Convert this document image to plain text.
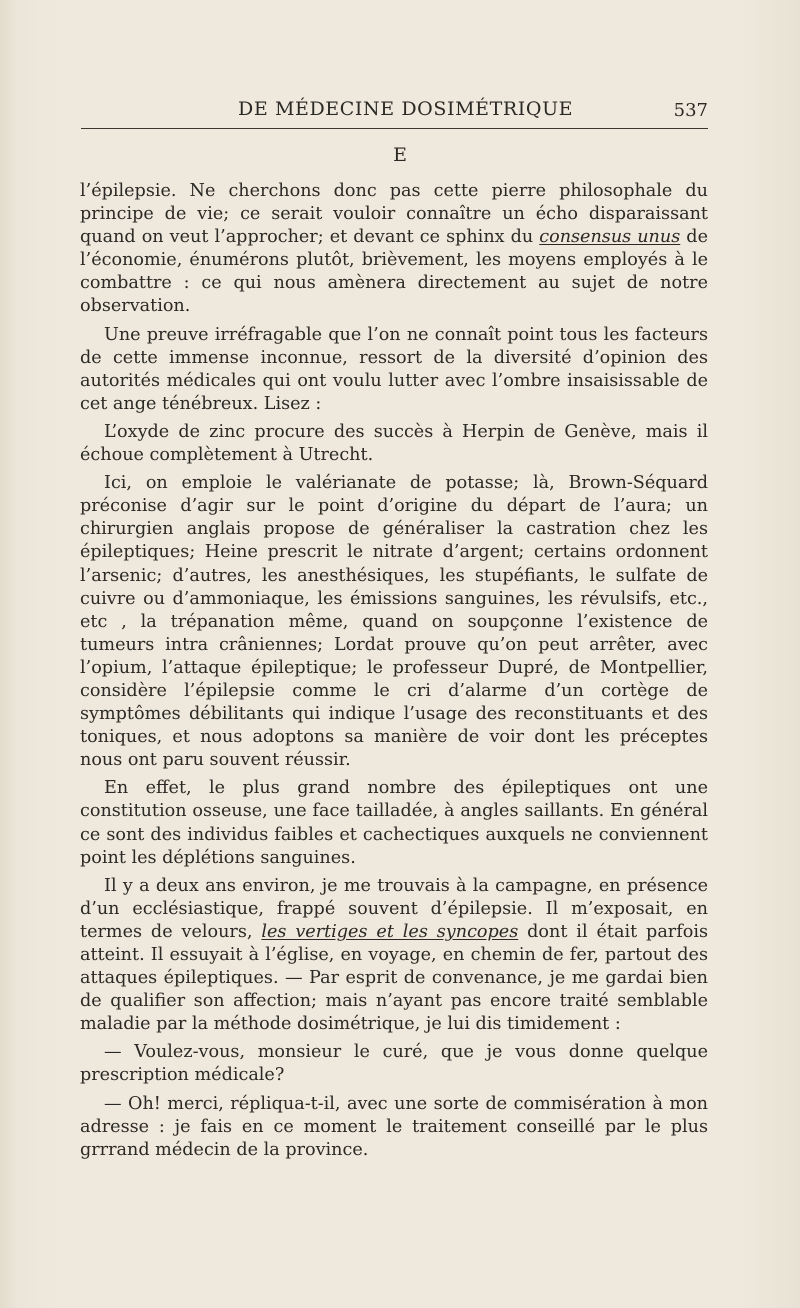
DE MÉDECINE DOSIMÉTRIQUE	537
E

l’épilepsie. Ne cherchons donc pas cette pierre philosophale du principe de vie; ce serait vouloir connaître un écho disparaissant quand on veut l’approcher; et devant ce sphinx du consensus unus de l’économie, énumérons plutôt, brièvement, les moyens employés à le combattre : ce qui nous amènera directement au sujet de notre observation.

Une preuve irréfragable que l’on ne connaît point tous les facteurs de cette immense inconnue, ressort de la diversité d’opinion des autorités médicales qui ont voulu lutter avec l’ombre insaisissable de cet ange ténébreux. Lisez :

L’oxyde de zinc procure des succès à Herpin de Genève, mais il échoue complètement à Utrecht.

Ici, on emploie le valérianate de potasse; là, Brown-Séquard préconise d’agir sur le point d’origine du départ de l’aura; un chirurgien anglais propose de généraliser la castration chez les épileptiques; Heine prescrit le nitrate d’argent; certains ordonnent l’arsenic; d’autres, les anesthésiques, les stupéfiants, le sulfate de cuivre ou d’ammoniaque, les émissions sanguines, les révulsifs, etc., etc , la trépanation même, quand on soupçonne l’existence de tumeurs intra crâniennes; Lordat prouve qu’on peut arrêter, avec l’opium, l’attaque épileptique; le professeur Dupré, de Montpellier, considère l’épilepsie comme le cri d’alarme d’un cortège de symptômes débilitants qui indique l’usage des reconstituants et des toniques, et nous adoptons sa manière de voir dont les préceptes nous ont paru souvent réussir.

En effet, le plus grand nombre des épileptiques ont une constitution osseuse, une face tailladée, à angles saillants. En général ce sont des individus faibles et cachectiques auxquels ne conviennent point les déplétions sanguines.

Il y a deux ans environ, je me trouvais à la campagne, en présence d’un ecclésiastique, frappé souvent d’épilepsie. Il m’exposait, en termes de velours, les vertiges et les syncopes dont il était parfois atteint. Il essuyait à l’église, en voyage, en chemin de fer, partout des attaques épileptiques. — Par esprit de convenance, je me gardai bien de qualifier son affection; mais n’ayant pas encore traité semblable maladie par la méthode dosimétrique, je lui dis timidement :

— Voulez-vous, monsieur le curé, que je vous donne quelque prescription médicale?

— Oh! merci, répliqua-t-il, avec une sorte de commisération à mon adresse : je fais en ce moment le traitement conseillé par le plus grrrand médecin de la province.
